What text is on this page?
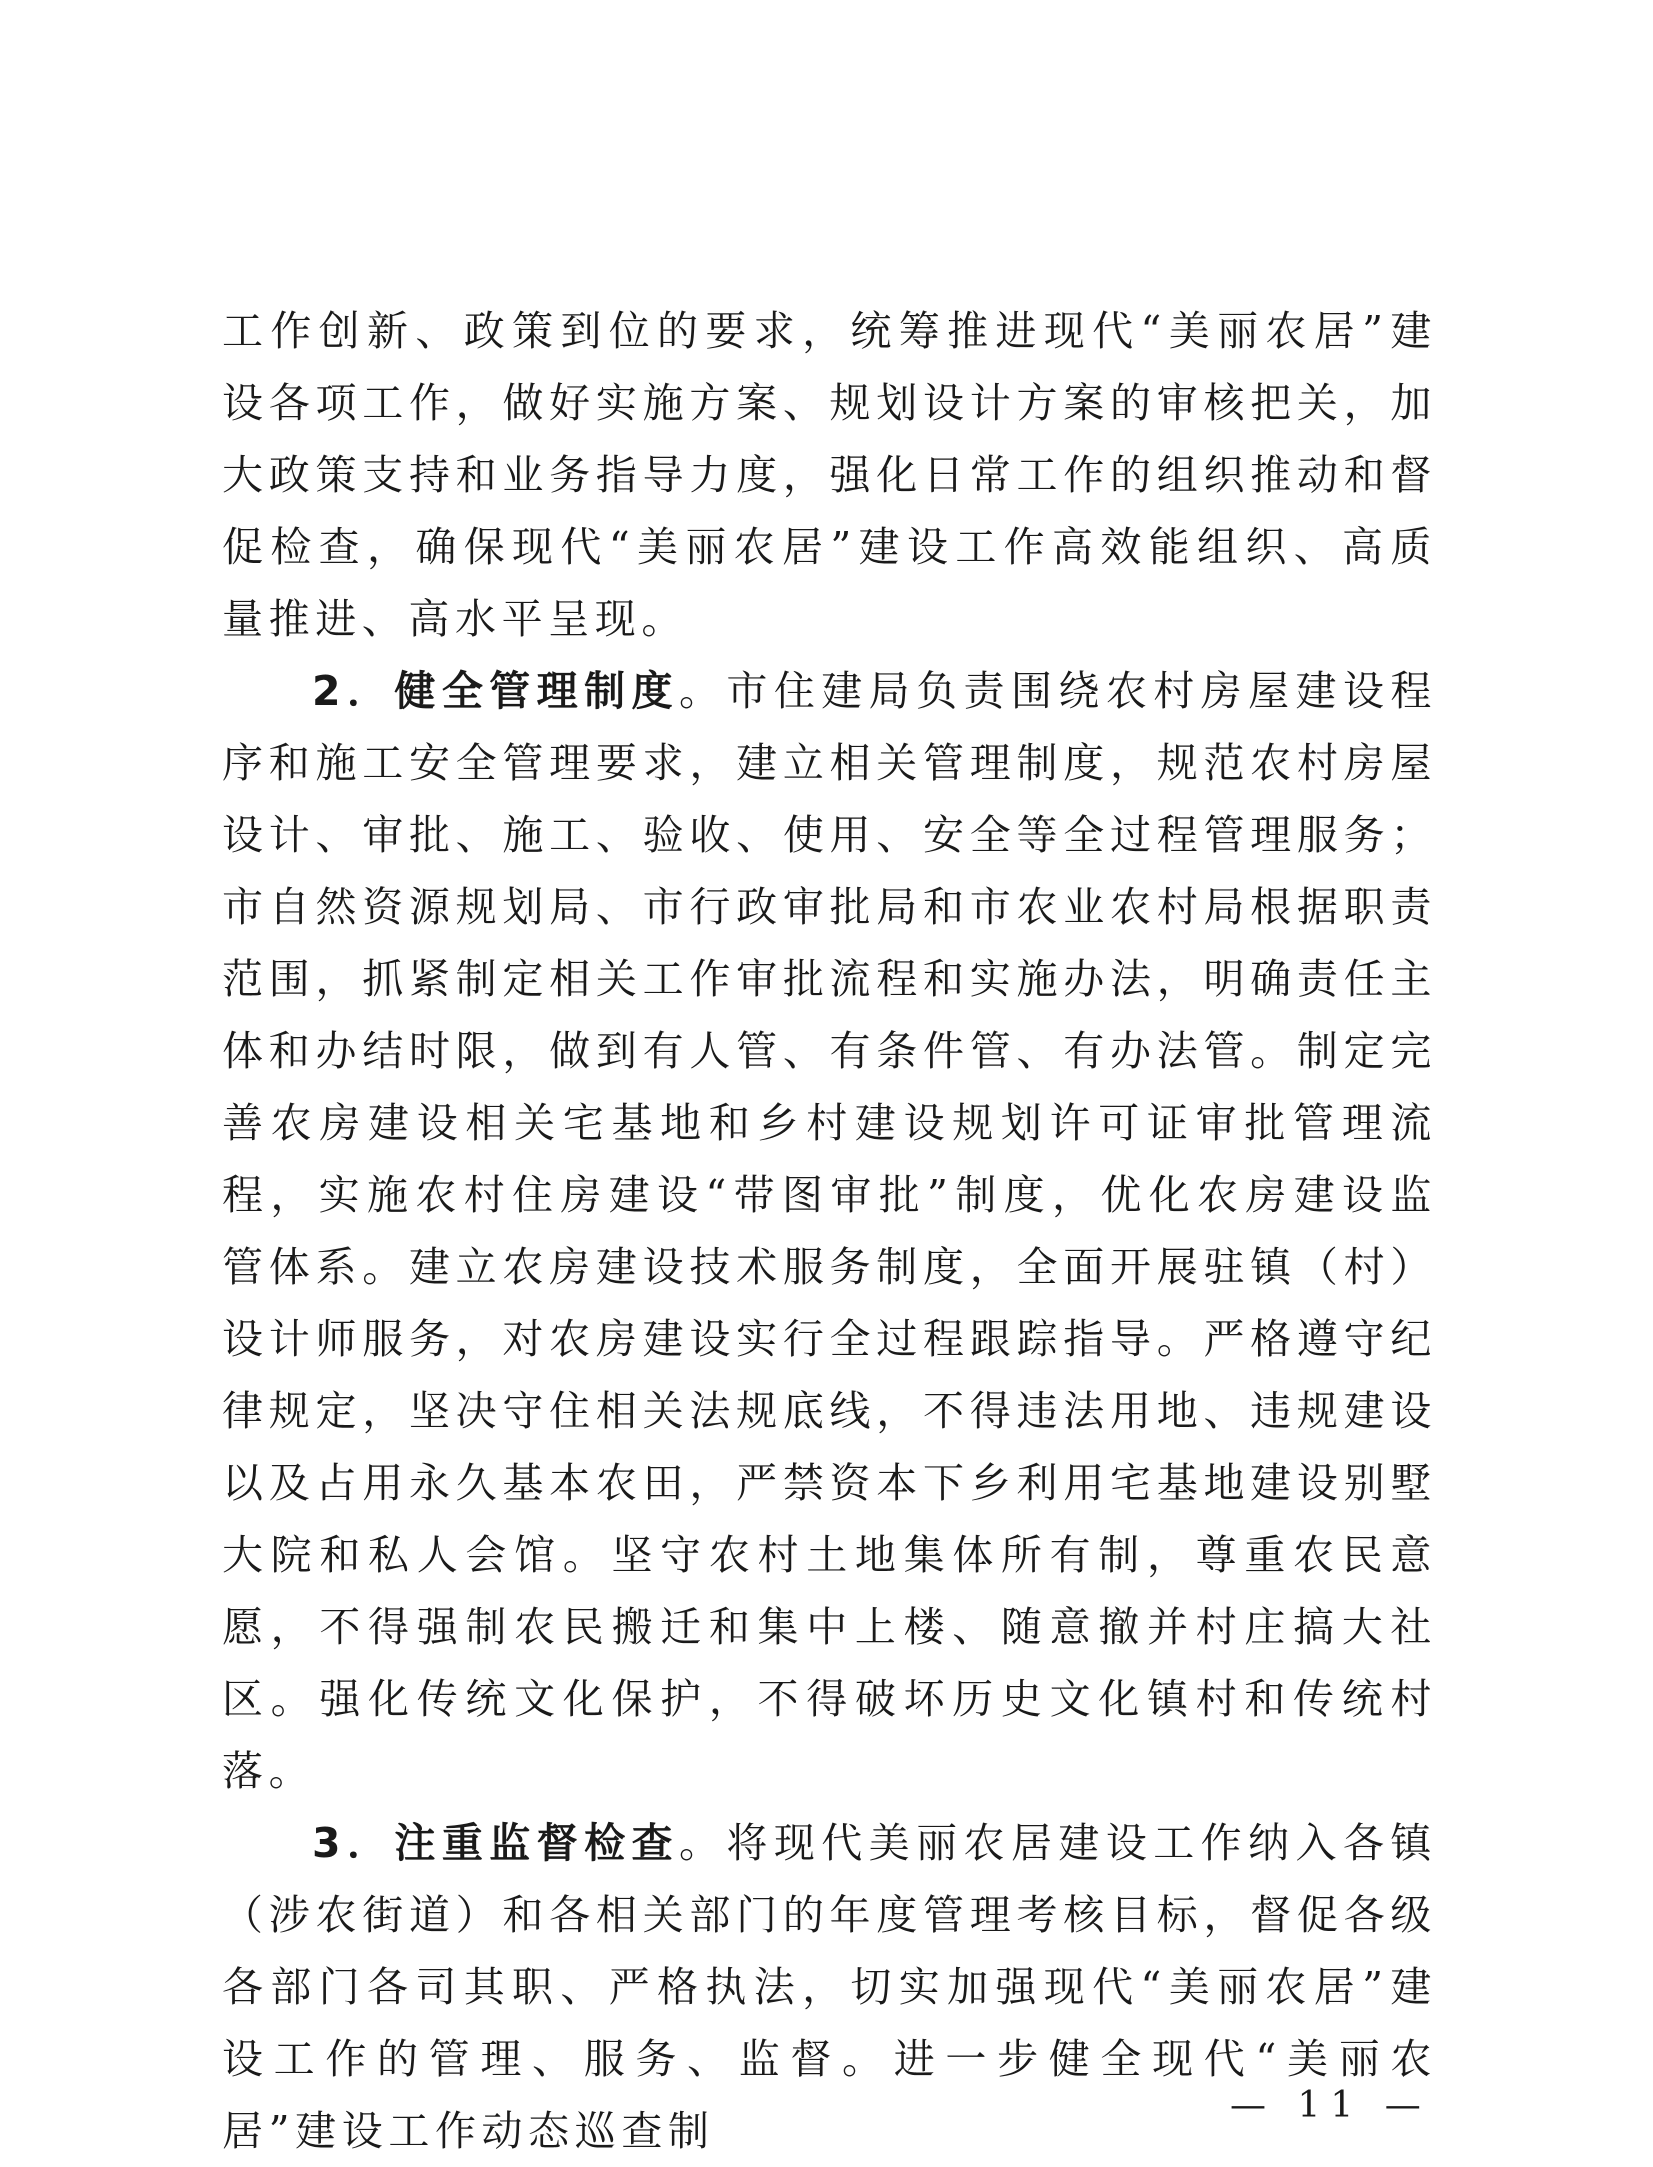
工作创新、政策到位的要求，统筹推进现代“美丽农居”建设各项工作，做好实施方案、规划设计方案的审核把关，加大政策支持和业务指导力度，强化日常工作的组织推动和督促检查，确保现代“美丽农居”建设工作高效能组织、高质量推进、高水平呈现。

2．健全管理制度。市住建局负责围绕农村房屋建设程序和施工安全管理要求，建立相关管理制度，规范农村房屋设计、审批、施工、验收、使用、安全等全过程管理服务；市自然资源规划局、市行政审批局和市农业农村局根据职责范围，抓紧制定相关工作审批流程和实施办法，明确责任主体和办结时限，做到有人管、有条件管、有办法管。制定完善农房建设相关宅基地和乡村建设规划许可证审批管理流程，实施农村住房建设“带图审批”制度，优化农房建设监管体系。建立农房建设技术服务制度，全面开展驻镇（村）设计师服务，对农房建设实行全过程跟踪指导。严格遵守纪律规定，坚决守住相关法规底线，不得违法用地、违规建设以及占用永久基本农田，严禁资本下乡利用宅基地建设别墅大院和私人会馆。坚守农村土地集体所有制，尊重农民意愿，不得强制农民搬迁和集中上楼、随意撤并村庄搞大社区。强化传统文化保护，不得破坏历史文化镇村和传统村落。

3．注重监督检查。将现代美丽农居建设工作纳入各镇（涉农街道）和各相关部门的年度管理考核目标，督促各级各部门各司其职、严格执法，切实加强现代“美丽农居”建设工作的管理、服务、监督。进一步健全现代“美丽农居”建设工作动态巡查制

— 11 —
